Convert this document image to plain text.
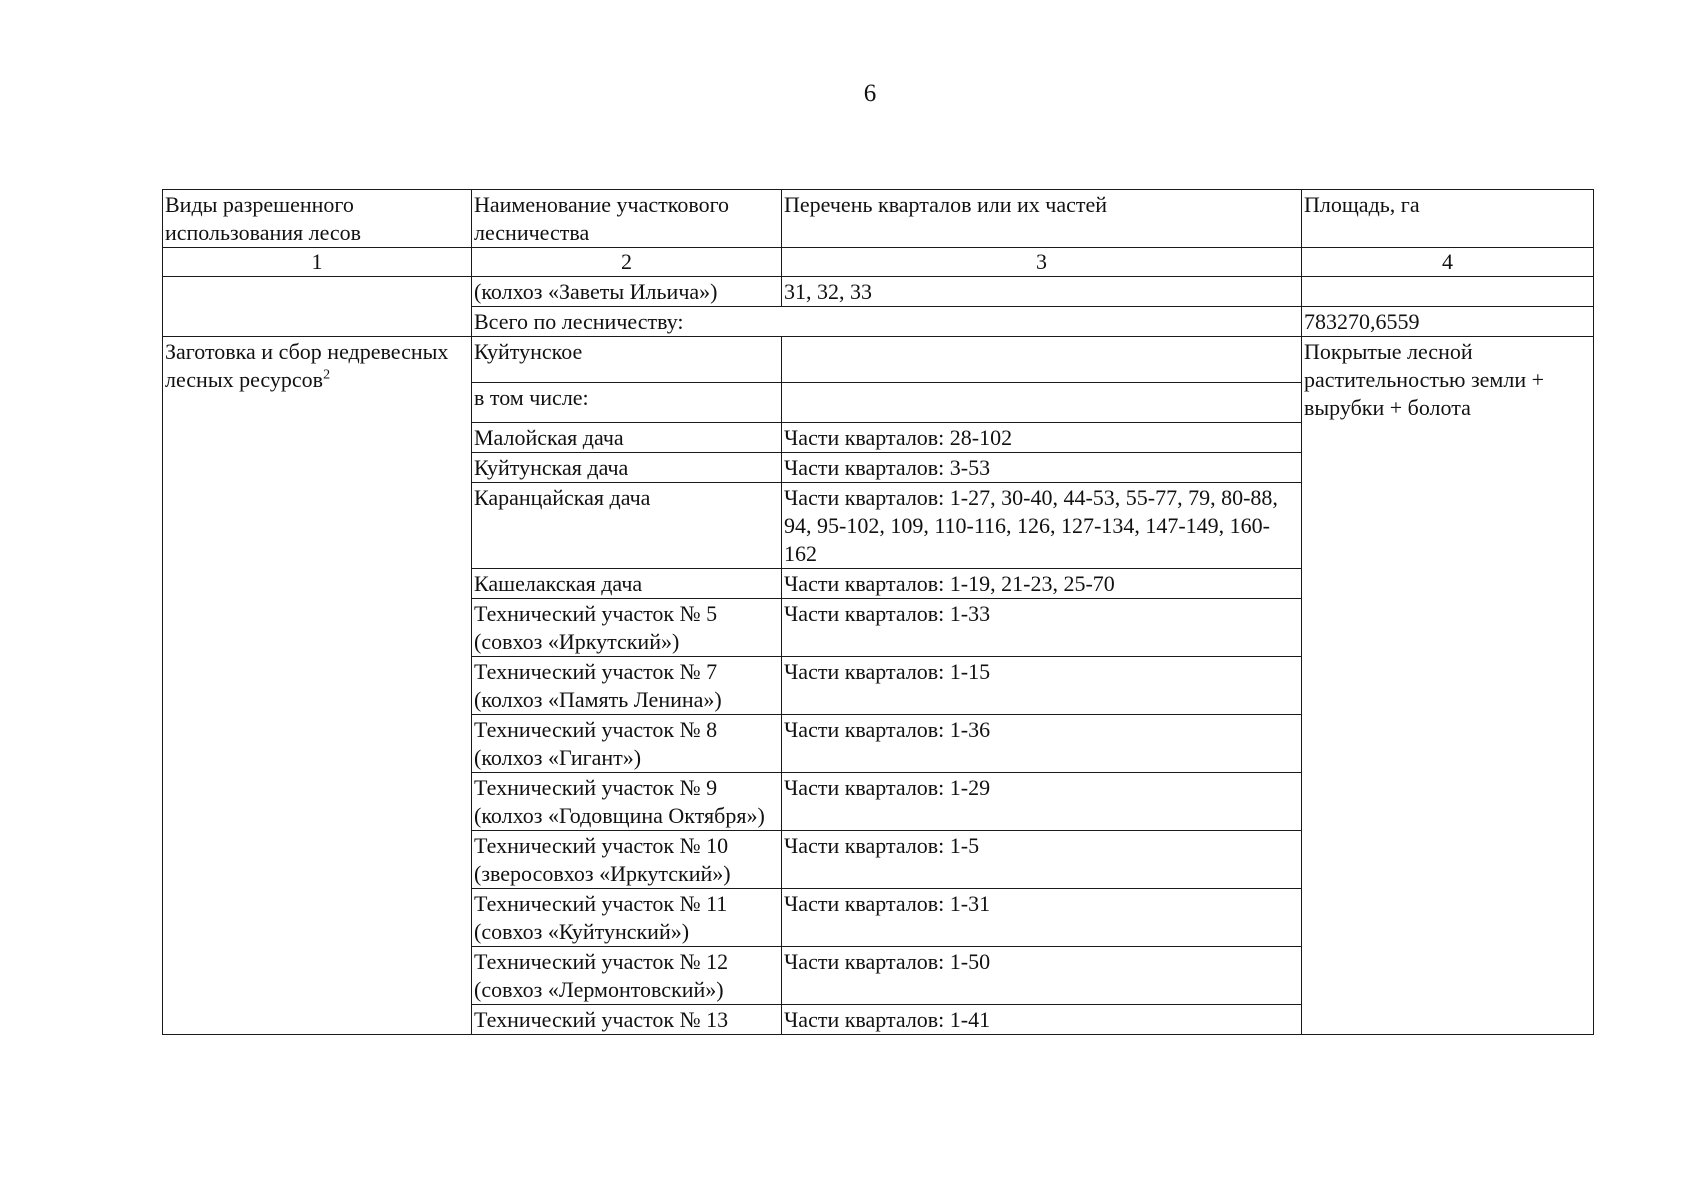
6
Виды разрешенного использования лесов	Наименование участкового лесничества	Перечень кварталов или их частей	Площадь, га
1	2	3	4
	(колхоз «Заветы Ильича»)	31, 32, 33	
	Всего по лесничеству:		783270,6559
Заготовка и сбор недревесных лесных ресурсов$^2$	Куйтунское		Покрытые лесной растительностью земли + вырубки + болота
	в том числе:		
	Малойская дача	Части кварталов: 28-102	
	Куйтунская дача	Части кварталов: 3-53	
	Каранцайская дача	Части кварталов: 1-27, 30-40, 44-53, 55-77, 79, 80-88, 94, 95-102, 109, 110-116, 126, 127-134, 147-149, 160-162	
	Кашелакская дача	Части кварталов: 1-19, 21-23, 25-70	
	Технический участок № 5 (совхоз «Иркутский»)	Части кварталов: 1-33	
	Технический участок № 7 (колхоз «Память Ленина»)	Части кварталов: 1-15	
	Технический участок № 8 (колхоз «Гигант»)	Части кварталов: 1-36	
	Технический участок № 9 (колхоз «Годовщина Октября»)	Части кварталов: 1-29	
	Технический участок № 10 (зверосовхоз «Иркутский»)	Части кварталов: 1-5	
	Технический участок № 11 (совхоз «Куйтунский»)	Части кварталов: 1-31	
	Технический участок № 12 (совхоз «Лермонтовский»)	Части кварталов: 1-50	
	Технический участок № 13	Части кварталов: 1-41	
